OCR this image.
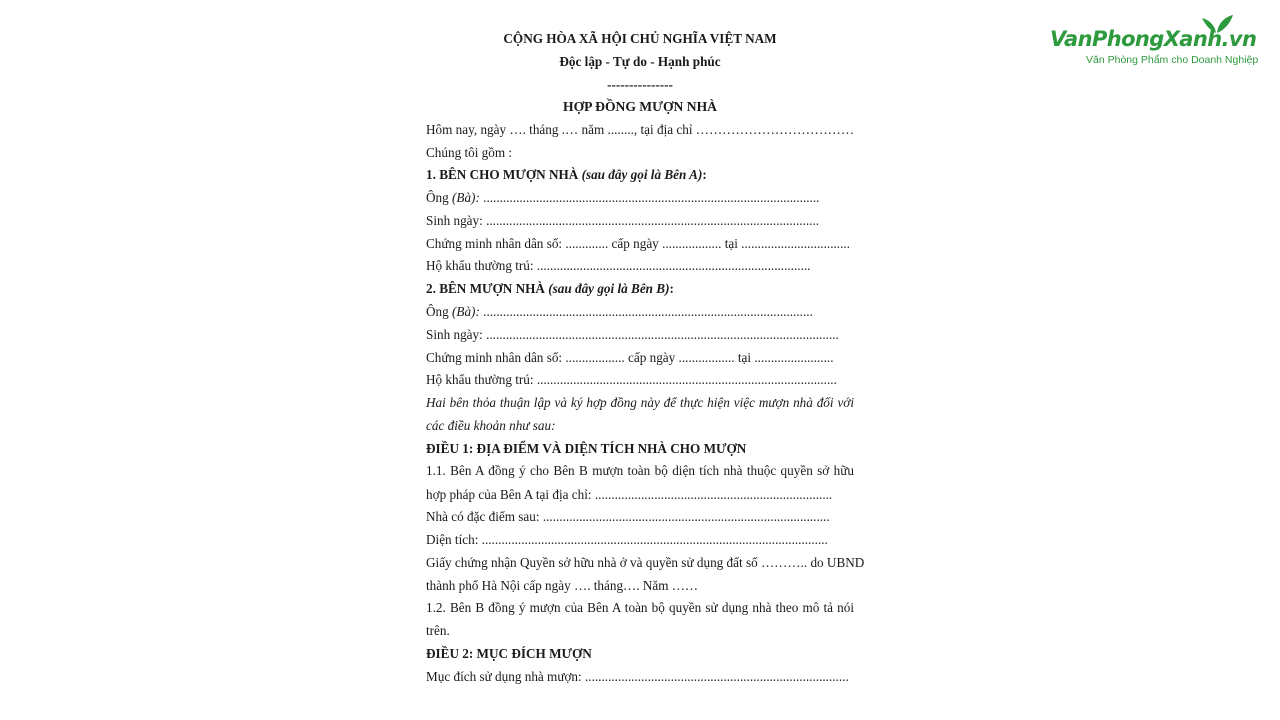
VanPhongXanh.vn
Văn Phòng Phẩm cho Doanh Nghiệp
CỘNG HÒA XÃ HỘI CHỦ NGHĨA VIỆT NAM
Độc lập - Tự do - Hạnh phúc
---------------
HỢP ĐỒNG MƯỢN NHÀ
Hôm nay, ngày …. tháng .… năm ........, tại địa chỉ ………………………………
Chúng tôi gồm :
1. BÊN CHO MƯỢN NHÀ (sau đây gọi là Bên A):
Ông (Bà): ......................................................................................................
Sinh ngày: .....................................................................................................
Chứng minh nhân dân số: ............. cấp ngày .................. tại .................................
Hộ khẩu thường trú: ...................................................................................
2. BÊN MƯỢN NHÀ (sau đây gọi là Bên B):
Ông (Bà): ....................................................................................................
Sinh ngày: ...........................................................................................................
Chứng minh nhân dân số: .................. cấp ngày ................. tại ........................
Hộ khẩu thường trú: ...........................................................................................
Hai bên thỏa thuận lập và ký hợp đồng này để thực hiện việc mượn nhà đối với
các điều khoản như sau:
ĐIỀU 1: ĐỊA ĐIỂM VÀ DIỆN TÍCH NHÀ CHO MƯỢN
1.1. Bên A đồng ý cho Bên B mượn toàn bộ diện tích nhà thuộc quyền sở hữu
hợp pháp của Bên A tại địa chỉ: ........................................................................
Nhà có đặc điểm sau: .......................................................................................
Diện tích: .........................................................................................................
Giấy chứng nhận Quyền sở hữu nhà ở và quyền sử dụng đất số ……….. do UBND
thành phố Hà Nội cấp ngày …. tháng…. Năm ……
1.2. Bên B đồng ý mượn của Bên A toàn bộ quyền sử dụng nhà theo mô tả nói
trên.
ĐIỀU 2: MỤC ĐÍCH MƯỢN
Mục đích sử dụng nhà mượn: ................................................................................
